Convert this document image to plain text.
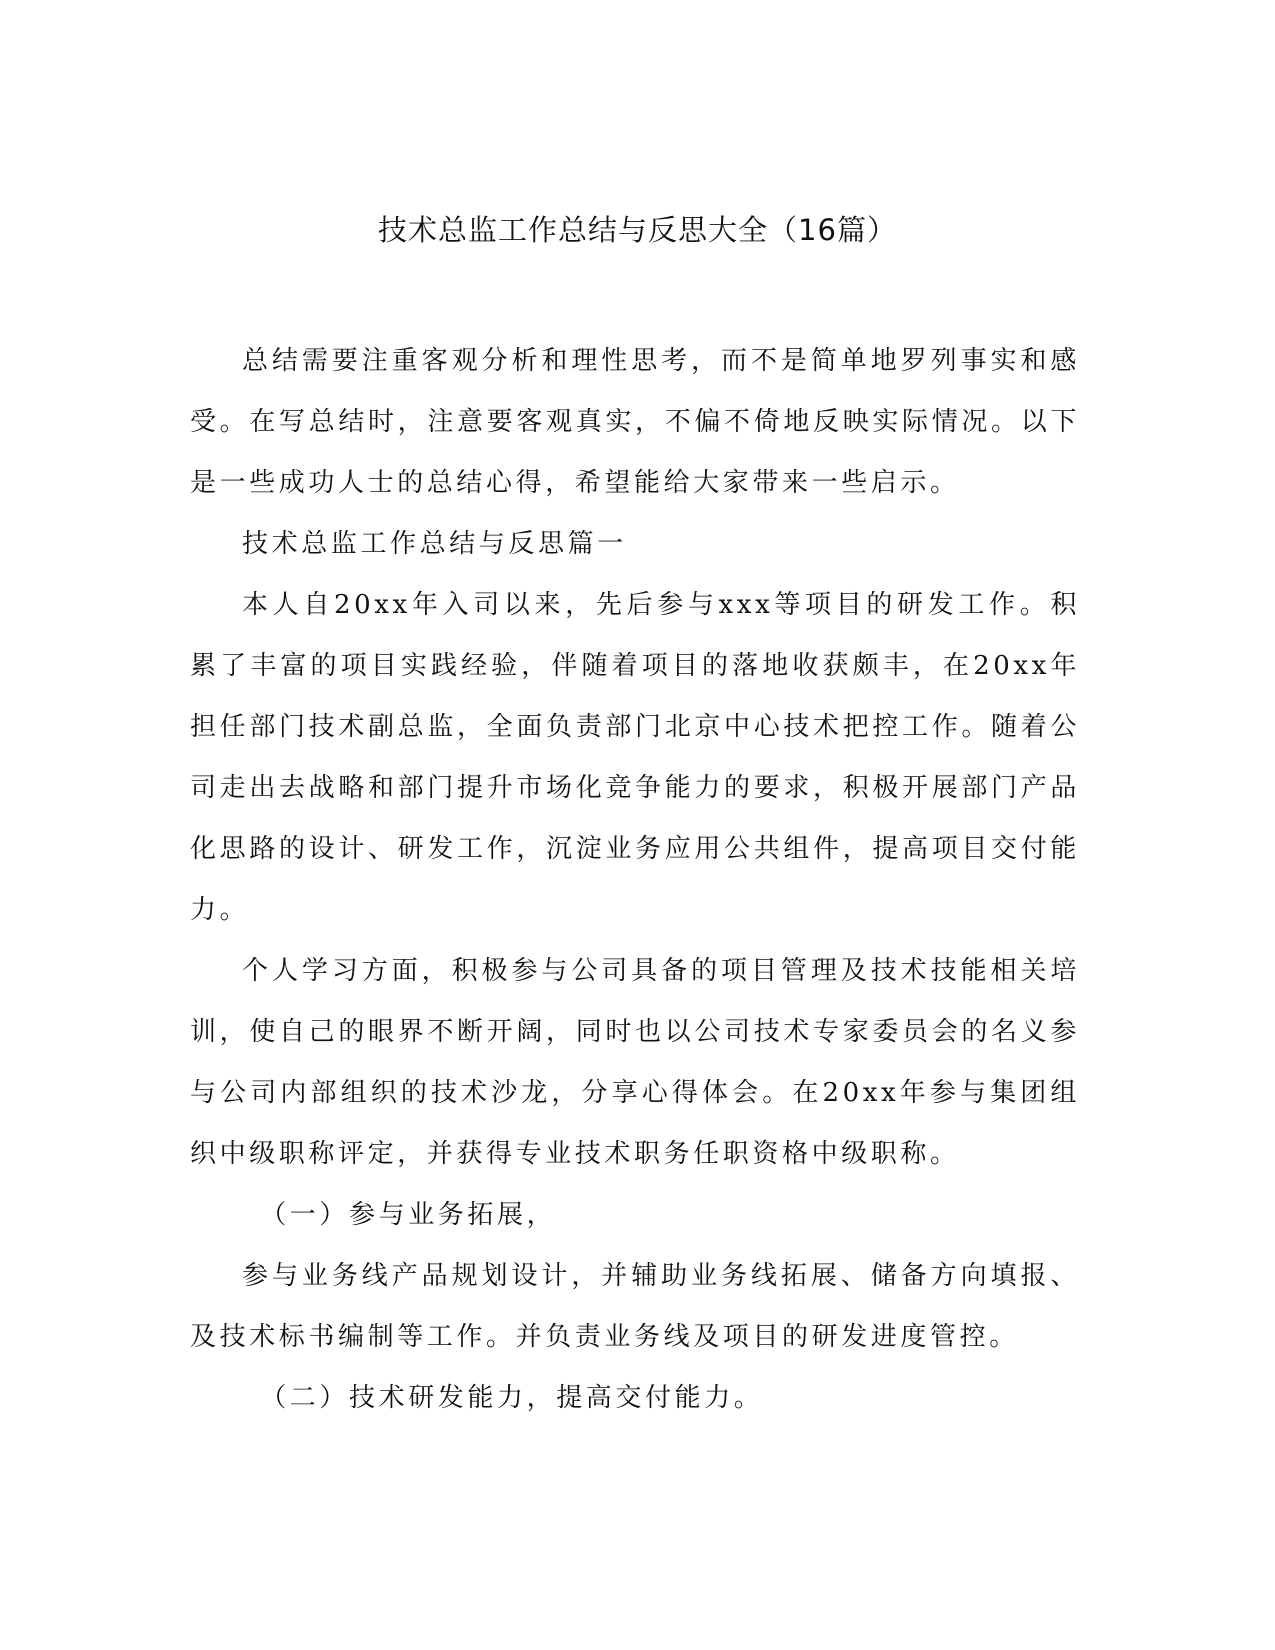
技术总监工作总结与反思大全（16篇）

总结需要注重客观分析和理性思考，而不是简单地罗列事实和感受。在写总结时，注意要客观真实，不偏不倚地反映实际情况。以下是一些成功人士的总结心得，希望能给大家带来一些启示。

技术总监工作总结与反思篇一

本人自20xx年入司以来，先后参与xxx等项目的研发工作。积累了丰富的项目实践经验，伴随着项目的落地收获颇丰，在20xx年担任部门技术副总监，全面负责部门北京中心技术把控工作。随着公司走出去战略和部门提升市场化竞争能力的要求，积极开展部门产品化思路的设计、研发工作，沉淀业务应用公共组件，提高项目交付能力。

个人学习方面，积极参与公司具备的项目管理及技术技能相关培训，使自己的眼界不断开阔，同时也以公司技术专家委员会的名义参与公司内部组织的技术沙龙，分享心得体会。在20xx年参与集团组织中级职称评定，并获得专业技术职务任职资格中级职称。

（一）参与业务拓展，

参与业务线产品规划设计，并辅助业务线拓展、储备方向填报、及技术标书编制等工作。并负责业务线及项目的研发进度管控。

（二）技术研发能力，提高交付能力。
